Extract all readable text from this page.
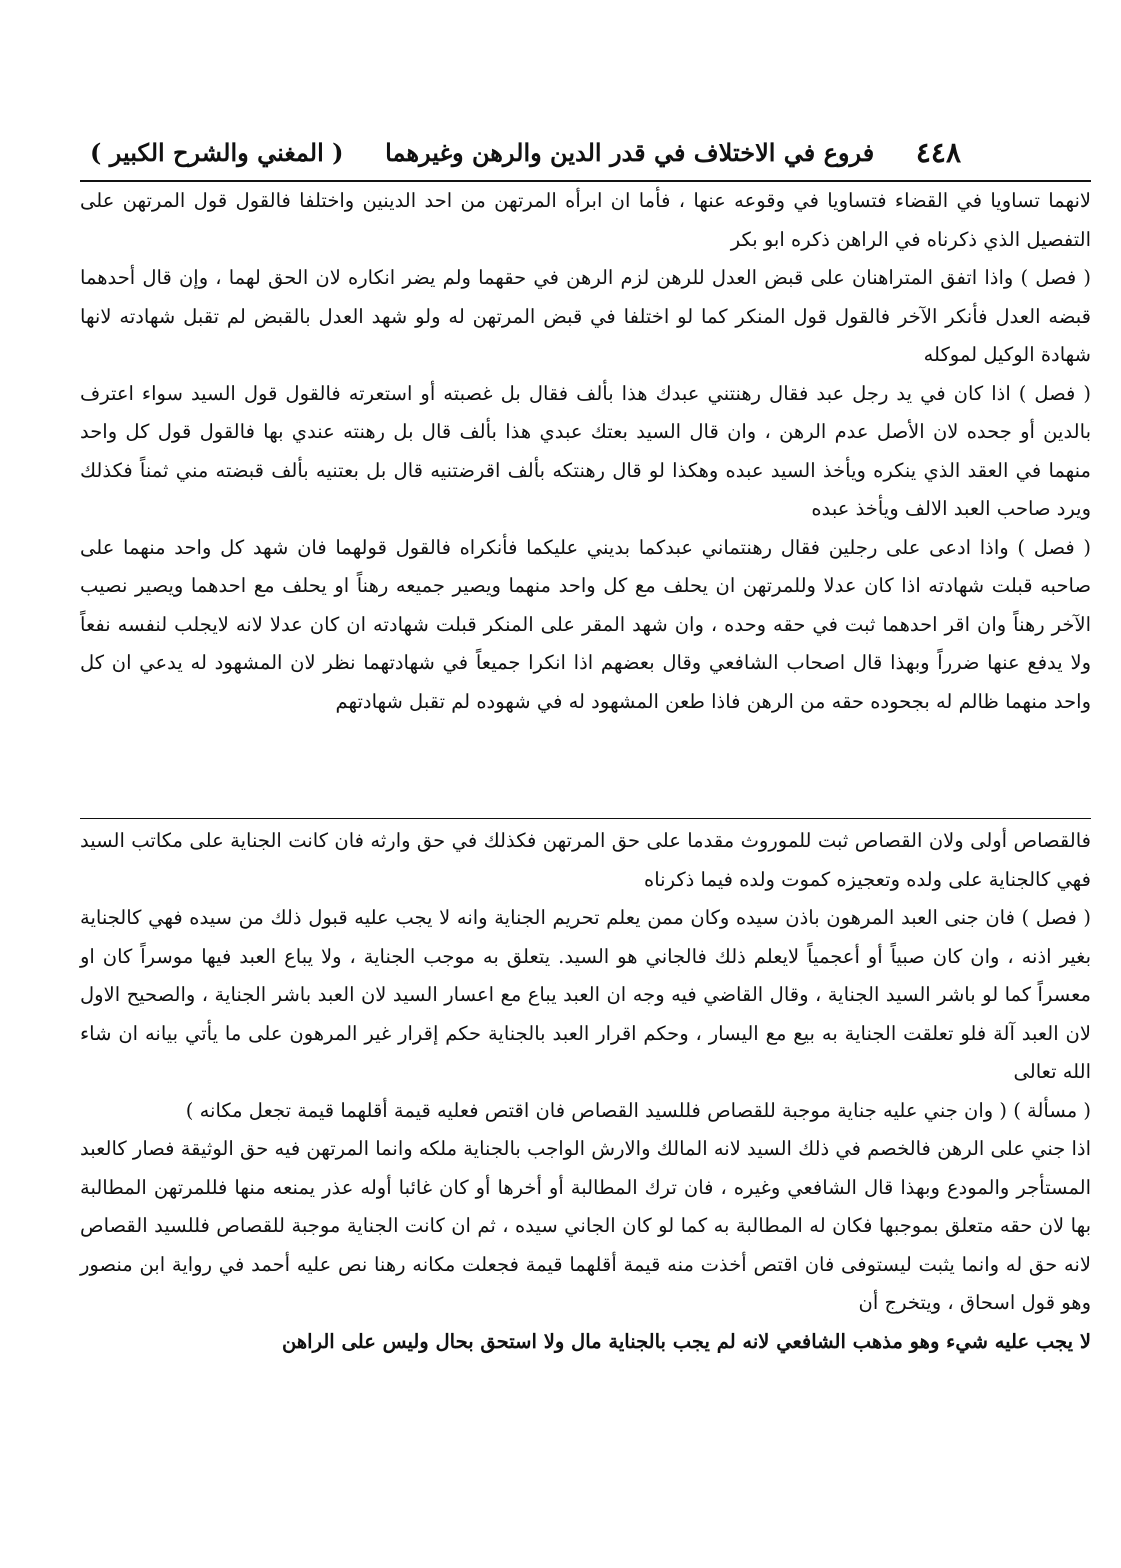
٤٤٨
فروع في الاختلاف في قدر الدين والرهن وغيرهما
( المغني والشرح الكبير )

لانهما تساويا في القضاء فتساويا في وقوعه عنها ، فأما ان ابرأه المرتهن من احد الدينين واختلفا فالقول قول المرتهن على التفصيل الذي ذكرناه في الراهن ذكره ابو بكر

( فصل ) واذا اتفق المتراهنان على قبض العدل للرهن لزم الرهن في حقهما ولم يضر انكاره لان الحق لهما ، وإن قال أحدهما قبضه العدل فأنكر الآخر فالقول قول المنكر كما لو اختلفا في قبض المرتهن له ولو شهد العدل بالقبض لم تقبل شهادته لانها شهادة الوكيل لموكله

( فصل ) اذا كان في يد رجل عبد فقال رهنتني عبدك هذا بألف فقال بل غصبته أو استعرته فالقول قول السيد سواء اعترف بالدين أو جحده لان الأصل عدم الرهن ، وان قال السيد بعتك عبدي هذا بألف قال بل رهنته عندي بها فالقول قول كل واحد منهما في العقد الذي ينكره ويأخذ السيد عبده وهكذا لو قال رهنتكه بألف اقرضتنيه قال بل بعتنيه بألف قبضته مني ثمناً فكذلك ويرد صاحب العبد الالف ويأخذ عبده

( فصل ) واذا ادعى على رجلين فقال رهنتماني عبدكما بديني عليكما فأنكراه فالقول قولهما فان شهد كل واحد منهما على صاحبه قبلت شهادته اذا كان عدلا وللمرتهن ان يحلف مع كل واحد منهما ويصير جميعه رهناً او يحلف مع احدهما ويصير نصيب الآخر رهناً وان اقر احدهما ثبت في حقه وحده ، وان شهد المقر على المنكر قبلت شهادته ان كان عدلا لانه لايجلب لنفسه نفعاً ولا يدفع عنها ضرراً وبهذا قال اصحاب الشافعي وقال بعضهم اذا انكرا جميعاً في شهادتهما نظر لان المشهود له يدعي ان كل واحد منهما ظالم له بجحوده حقه من الرهن فاذا طعن المشهود له في شهوده لم تقبل شهادتهم

فالقصاص أولى ولان القصاص ثبت للموروث مقدما على حق المرتهن فكذلك في حق وارثه فان كانت الجناية على مكاتب السيد فهي كالجناية على ولده وتعجيزه كموت ولده فيما ذكرناه

( فصل ) فان جنى العبد المرهون باذن سيده وكان ممن يعلم تحريم الجناية وانه لا يجب عليه قبول ذلك من سيده فهي كالجناية بغير اذنه ، وان كان صبياً أو أعجمياً لايعلم ذلك فالجاني هو السيد. يتعلق به موجب الجناية ، ولا يباع العبد فيها موسراً كان او معسراً كما لو باشر السيد الجناية ، وقال القاضي فيه وجه ان العبد يباع مع اعسار السيد لان العبد باشر الجناية ، والصحيح الاول لان العبد آلة فلو تعلقت الجناية به بيع مع اليسار ، وحكم اقرار العبد بالجناية حكم إقرار غير المرهون على ما يأتي بيانه ان شاء الله تعالى

( مسألة ) ( وان جني عليه جناية موجبة للقصاص فللسيد القصاص فان اقتص فعليه قيمة أقلهما قيمة تجعل مكانه )

اذا جني على الرهن فالخصم في ذلك السيد لانه المالك والارش الواجب بالجناية ملكه وانما المرتهن فيه حق الوثيقة فصار كالعبد المستأجر والمودع وبهذا قال الشافعي وغيره ، فان ترك المطالبة أو أخرها أو كان غائبا أوله عذر يمنعه منها فللمرتهن المطالبة بها لان حقه متعلق بموجبها فكان له المطالبة به كما لو كان الجاني سيده ، ثم ان كانت الجناية موجبة للقصاص فللسيد القصاص لانه حق له وانما يثبت ليستوفى فان اقتص أخذت منه قيمة أقلهما قيمة فجعلت مكانه رهنا نص عليه أحمد في رواية ابن منصور وهو قول اسحاق ، ويتخرج أن

لا يجب عليه شيء وهو مذهب الشافعي لانه لم يجب بالجناية مال ولا استحق بحال وليس على الراهن
